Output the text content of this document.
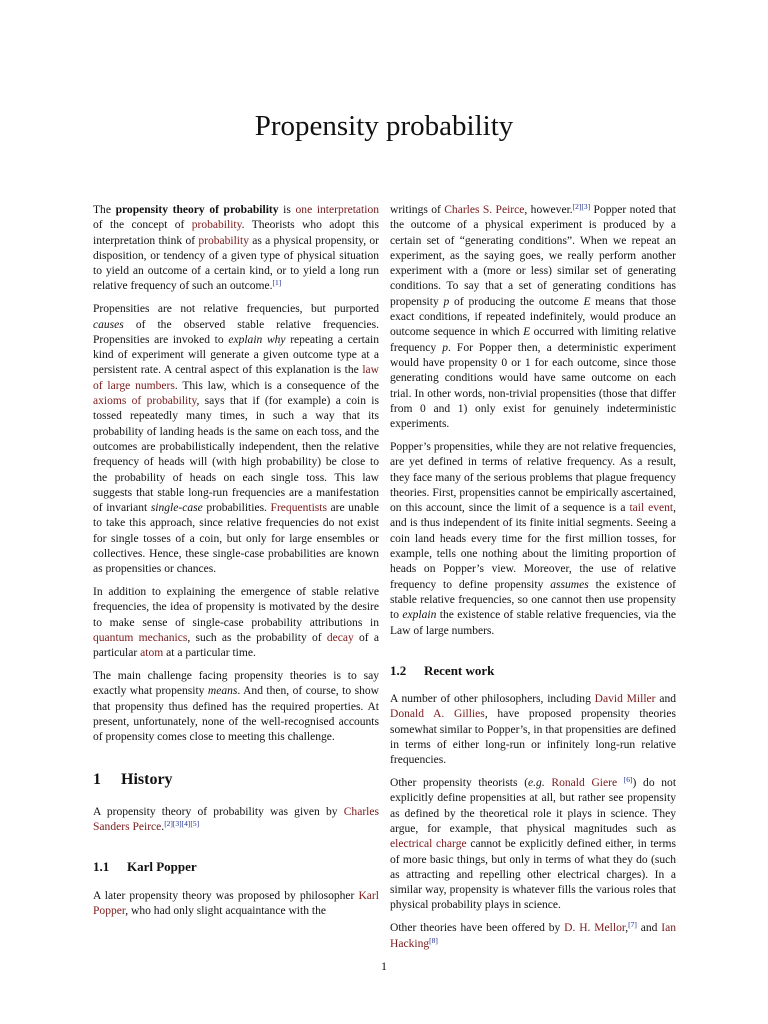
Propensity probability

The propensity theory of probability is one interpretation of the concept of probability. Theorists who adopt this interpretation think of probability as a physical propensity, or disposition, or tendency of a given type of physical situation to yield an outcome of a certain kind, or to yield a long run relative frequency of such an outcome.[1]

Propensities are not relative frequencies, but purported causes of the observed stable relative frequencies. Propensities are invoked to explain why repeating a certain kind of experiment will generate a given outcome type at a persistent rate. A central aspect of this explanation is the law of large numbers. This law, which is a consequence of the axioms of probability, says that if (for example) a coin is tossed repeatedly many times, in such a way that its probability of landing heads is the same on each toss, and the outcomes are probabilistically independent, then the relative frequency of heads will (with high probability) be close to the probability of heads on each single toss. This law suggests that stable long-run frequencies are a manifestation of invariant single-case probabilities. Frequentists are unable to take this approach, since relative frequencies do not exist for single tosses of a coin, but only for large ensembles or collectives. Hence, these single-case probabilities are known as propensities or chances.

In addition to explaining the emergence of stable relative frequencies, the idea of propensity is motivated by the desire to make sense of single-case probability attributions in quantum mechanics, such as the probability of decay of a particular atom at a particular time.

The main challenge facing propensity theories is to say exactly what propensity means. And then, of course, to show that propensity thus defined has the required properties. At present, unfortunately, none of the well-recognised accounts of propensity comes close to meeting this challenge.

1 History

A propensity theory of probability was given by Charles Sanders Peirce.[2][3][4][5]

1.1 Karl Popper

A later propensity theory was proposed by philosopher Karl Popper, who had only slight acquaintance with the

writings of Charles S. Peirce, however.[2][3] Popper noted that the outcome of a physical experiment is produced by a certain set of “generating conditions”. When we repeat an experiment, as the saying goes, we really perform another experiment with a (more or less) similar set of generating conditions. To say that a set of generating conditions has propensity p of producing the outcome E means that those exact conditions, if repeated indefinitely, would produce an outcome sequence in which E occurred with limiting relative frequency p. For Popper then, a deterministic experiment would have propensity 0 or 1 for each outcome, since those generating conditions would have same outcome on each trial. In other words, non-trivial propensities (those that differ from 0 and 1) only exist for genuinely indeterministic experiments.

Popper’s propensities, while they are not relative frequencies, are yet defined in terms of relative frequency. As a result, they face many of the serious problems that plague frequency theories. First, propensities cannot be empirically ascertained, on this account, since the limit of a sequence is a tail event, and is thus independent of its finite initial segments. Seeing a coin land heads every time for the first million tosses, for example, tells one nothing about the limiting proportion of heads on Popper’s view. Moreover, the use of relative frequency to define propensity assumes the existence of stable relative frequencies, so one cannot then use propensity to explain the existence of stable relative frequencies, via the Law of large numbers.

1.2 Recent work

A number of other philosophers, including David Miller and Donald A. Gillies, have proposed propensity theories somewhat similar to Popper’s, in that propensities are defined in terms of either long-run or infinitely long-run relative frequencies.

Other propensity theorists (e.g. Ronald Giere [6]) do not explicitly define propensities at all, but rather see propensity as defined by the theoretical role it plays in science. They argue, for example, that physical magnitudes such as electrical charge cannot be explicitly defined either, in terms of more basic things, but only in terms of what they do (such as attracting and repelling other electrical charges). In a similar way, propensity is whatever fills the various roles that physical probability plays in science.

Other theories have been offered by D. H. Mellor,[7] and Ian Hacking[8]

1
